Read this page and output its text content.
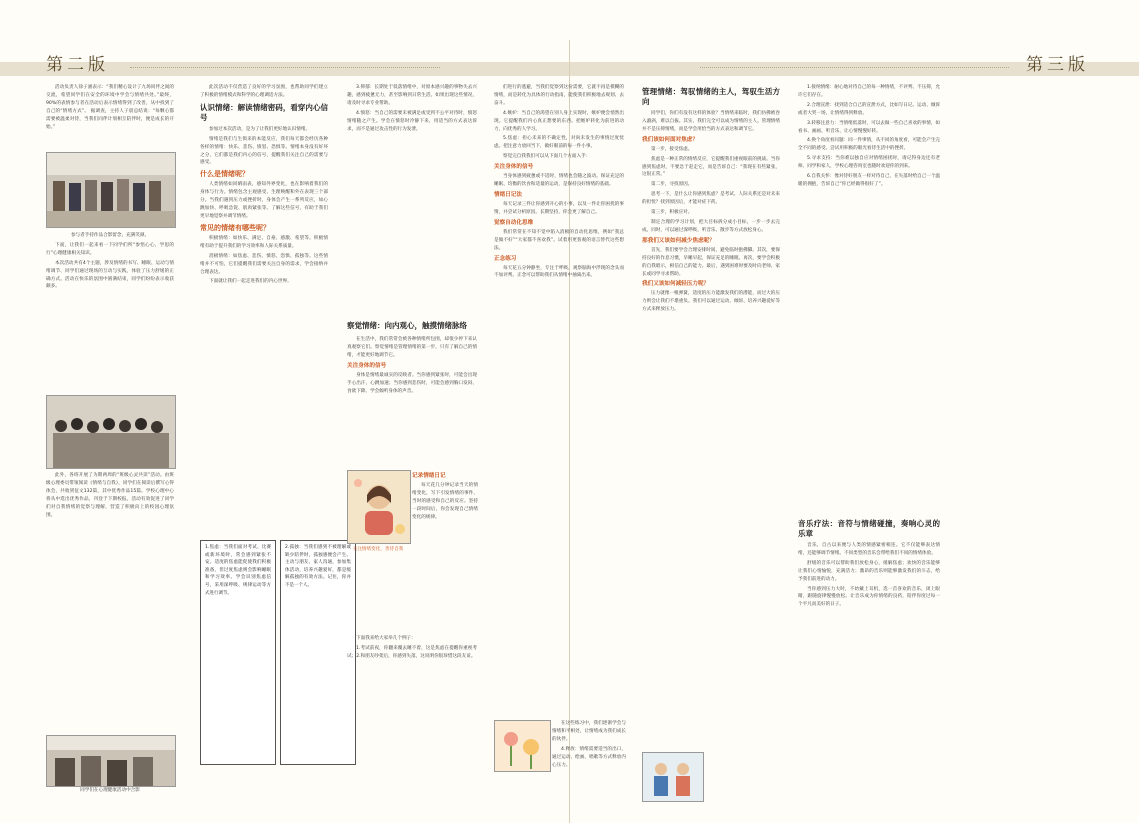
第二版	第三版

活动负责人徐子涵表示：“我们精心设计了九场同伴之间的交流，希望同学们在安全的环境中学会与情绪共处。”最终，90%的表情参与者在活动后表示情绪得到了改善，从中找到了自己的“情绪方式”。 据调查，主持人子晨总结说：“每颗心都需要被温柔对待，当我们同伴计划相互陪伴时，便是成长的开始。”

参与者手持作品合影留念，充满笑颜。

下面，让我们一起来看一下同学们所“参悟心心，学思的行”心理健康相关知识。

本次活动共有4个主题，涉及情绪的书写、睡眠、运动与情绪调节、同学们通过现场的互动与实践，体验了压力舒缓的正确方式。活动在快乐的氛围中圆满结束，同学们纷纷表示收获颇多。

此外，各班开展了为期两周的“班级心灵共读”活动。由班级心理委员带领阅读《情绪与自我》，同学们在阅读后撰写心得体会，共收到征文132篇，其中优秀作品15篇。学校心理中心将从中选出优秀作品，刊登于下期校报。活动有效促进了同学们对自我情绪的觉察与理解，营造了积极向上的校园心理氛围。

同学们在心理健康活动中合影

此次活动不仅营造了良好的学习氛围，也帮助同学们建立了积极的情绪模式和科学的心理调适方法。

认识情绪：解读情绪密码，看穿内心信号

参加过本次活动，是为了让我们更好地认识情绪。

情绪是我们与生俱来的本能反应，我们每天都会经历各种各样的情绪：快乐、悲伤、愤怒、恐惧等。情绪本身没有好坏之分，它们都是我们内心的信号，提醒我们关注自己的需要与感受。

什么是情绪呢？

人类情绪如同晴雨表，感知外界变化，也在影响着我们的身体与行为。情绪包含主观感受、生理唤醒和外在表现三个部分。当我们遇到压力或挫折时，身体会产生一系列反应，如心跳加快、呼吸急促、肌肉紧张等。了解这些信号，有助于我们更早地觉察并调节情绪。

常见的情绪有哪些呢？

积极情绪：如快乐、满足、自豪、感激、希望等。积极情绪有助于提升我们的学习效率和人际关系质量。

消极情绪：如焦虑、悲伤、愤怒、恐惧、孤独等。这些情绪并不可怕，它们提醒我们需要关注自身的需求，学会接纳并合理表达。

下面就让我们一起走进我们的内心世界。

1.焦虑：当我们面对考试、比赛或新环境时，常会感到紧张不安。适度的焦虑能促使我们积极准备，但过度焦虑则会影响睡眠和学习效率。学会识别焦虑信号，采用深呼吸、规律运动等方式进行调节。
2.孤独：当我们感到不被理解或缺少陪伴时，孤独感便会产生。主动与朋友、家人沟通，参加集体活动，培养兴趣爱好，都是缓解孤独的有效方法。记住，你并不是一个人。

3.抑郁：长期处于低落情绪中，对原本感兴趣的事物失去兴趣，感到疲惫无力，甚至影响到日常生活。如果出现这些情况，请及时寻求专业帮助。

4.愤怒：当自己的需要未被满足或受到不公平对待时，愤怒情绪随之产生。学会在愤怒时冷静下来，用适当的方式表达诉求，而不是通过攻击性的行为发泄。

察觉情绪：向内观心，触摸情绪脉络

在生活中，我们常常会被各种情绪所包围，却很少停下来认真观察它们。察觉情绪是管理情绪的第一步，只有了解自己的情绪，才能更好地调节它。

关注身体的信号

身体是情绪最诚实的反映者。当你感到紧张时，可能会出现手心出汗、心跳加速；当你感到悲伤时，可能会感到胸口发闷、食欲下降。学会倾听身体的声音。

关注情绪变化，善待自我

记录情绪日记

每天花几分钟记录当天的情绪变化，写下引发情绪的事件、当时的感受和自己的反应。坚持一段时间后，你会发现自己情绪变化的规律。

下面我来给大家举几个例子：

1.考试前夜，你翻来覆去睡不着，这是焦虑在提醒你重视考试；2.和朋友吵架后，你感到失落，这说明你很珍惜这段友谊。

们进行的逃避，当我们觉察到这份需要，它就不再是模糊的情绪，而是转化为具体的行动指南，能使我们积极地去规划、去奋斗。

4.嫉妒：当自己的渴望在别人身上实现时，嫉妒便会悄然出现。它提醒我们内心真正想要的东西。把嫉妒转化为前进的动力，向优秀的人学习。

5.焦虑：担心未来的不确定性，对尚未发生的事情过度忧虑。把注意力放回当下，做好眼前的每一件小事。

察觉完自我我们可以从下面几个方面入手：

关注身体的信号

当身体感到疲惫或不适时，情绪也会随之波动。保证充足的睡眠、均衡的饮食和适量的运动，是保持良好情绪的基础。

情绪日记法

每天记录三件让你感到开心的小事，以及一件让你困扰的事情，并尝试分析原因。长期坚持，你会更了解自己。

觉察自动化思维

我们常常在不知不觉中陷入消极的自动化思维，例如“我总是做不好”“大家都不喜欢我”。试着用更客观的语言替代这些想法。

正念练习

每天花五分钟静坐，专注于呼吸，观察脑海中浮现的念头而不加评判。正念可以帮助我们从情绪中抽离出来。

在这些练习中，我们逐渐学会与情绪和平相处，让情绪成为我们成长的伙伴。

4.释放：情绪需要适当的出口，通过运动、绘画、唱歌等方式释放内心压力。

管理情绪：驾驭情绪的主人，驾驭生活方向

同学们，你们有没有这样的体验？当情绪来临时，我们仿佛被卷入漩涡，难以自拔。其实，我们完全可以成为情绪的主人。管理情绪并不是压抑情绪，而是学会用恰当的方式表达和调节它。

我们该如何面对焦虑？

第一步，接受焦虑。

焦虑是一种正常的情绪反应，它提醒我们重视眼前的挑战。当你感到焦虑时，不要急于赶走它，而是告诉自己：“我现在有些紧张，这很正常。”

第二步，寻找原因。

思考一下，是什么让你感到焦虑？是考试、人际关系还是对未来的担忧？找到原因后，才能对症下药。

第三步，积极应对。

制定合理的学习计划，把大目标拆分成小目标，一步一步去完成。同时，可以通过深呼吸、听音乐、散步等方式放松身心。

那我们又该如何减少焦虑呢？

首先，我们要学会合理安排时间，避免临时抱佛脚。其次，要保持良好的作息习惯，早睡早起，保证充足的睡眠。再次，要学会积极的自我暗示，相信自己的能力。最后，遇到困难时要及时向老师、家长或同学寻求帮助。

我们又该如何减轻压力呢？

压力就像一根弹簧，适度的压力能激发我们的潜能，而过大的压力则会让我们不堪重负。我们可以通过运动、倾诉、培养兴趣爱好等方式来释放压力。

1.接纳情绪：耐心地对待自己的每一种情绪，不评判、不压抑，允许它们存在。

2.合理宣泄：找到适合自己的宣泄方式，比如写日记、运动、倾诉或者大哭一场，让情绪得到释放。

3.转移注意力：当情绪低落时，可以去做一些自己喜欢的事情，如看书、画画、听音乐，让心情慢慢好转。

4.换个角度看问题：同一件事情，从不同的角度看，可能会产生完全不同的感受。尝试用积极的眼光看待生活中的挫折。

5.寻求支持：当你难以独自应对情绪困扰时，请记得身边还有老师、同学和家人，学校心理咨询室也随时欢迎你的到来。

6.自我关怀：像对待好朋友一样对待自己，在失落时给自己一个温暖的拥抱，告诉自己“你已经做得很好了”。

音乐疗法：音符与情绪碰撞，奏响心灵的乐章

音乐，自古以来便与人类的情感紧密相连。它不仅能够表达情绪，还能够调节情绪。不同类型的音乐会带给我们不同的情绪体验。

舒缓的音乐可以帮助我们放松身心，缓解焦虑；欢快的音乐能够让我们心情愉悦，充满活力；激昂的音乐则能够激发我们的斗志，给予我们前进的动力。

当你感到压力大时，不妨戴上耳机，选一首喜欢的音乐，闭上眼睛，跟随旋律慢慢放松。让音乐成为你情绪的良药，陪伴你度过每一个平凡而美好的日子。
